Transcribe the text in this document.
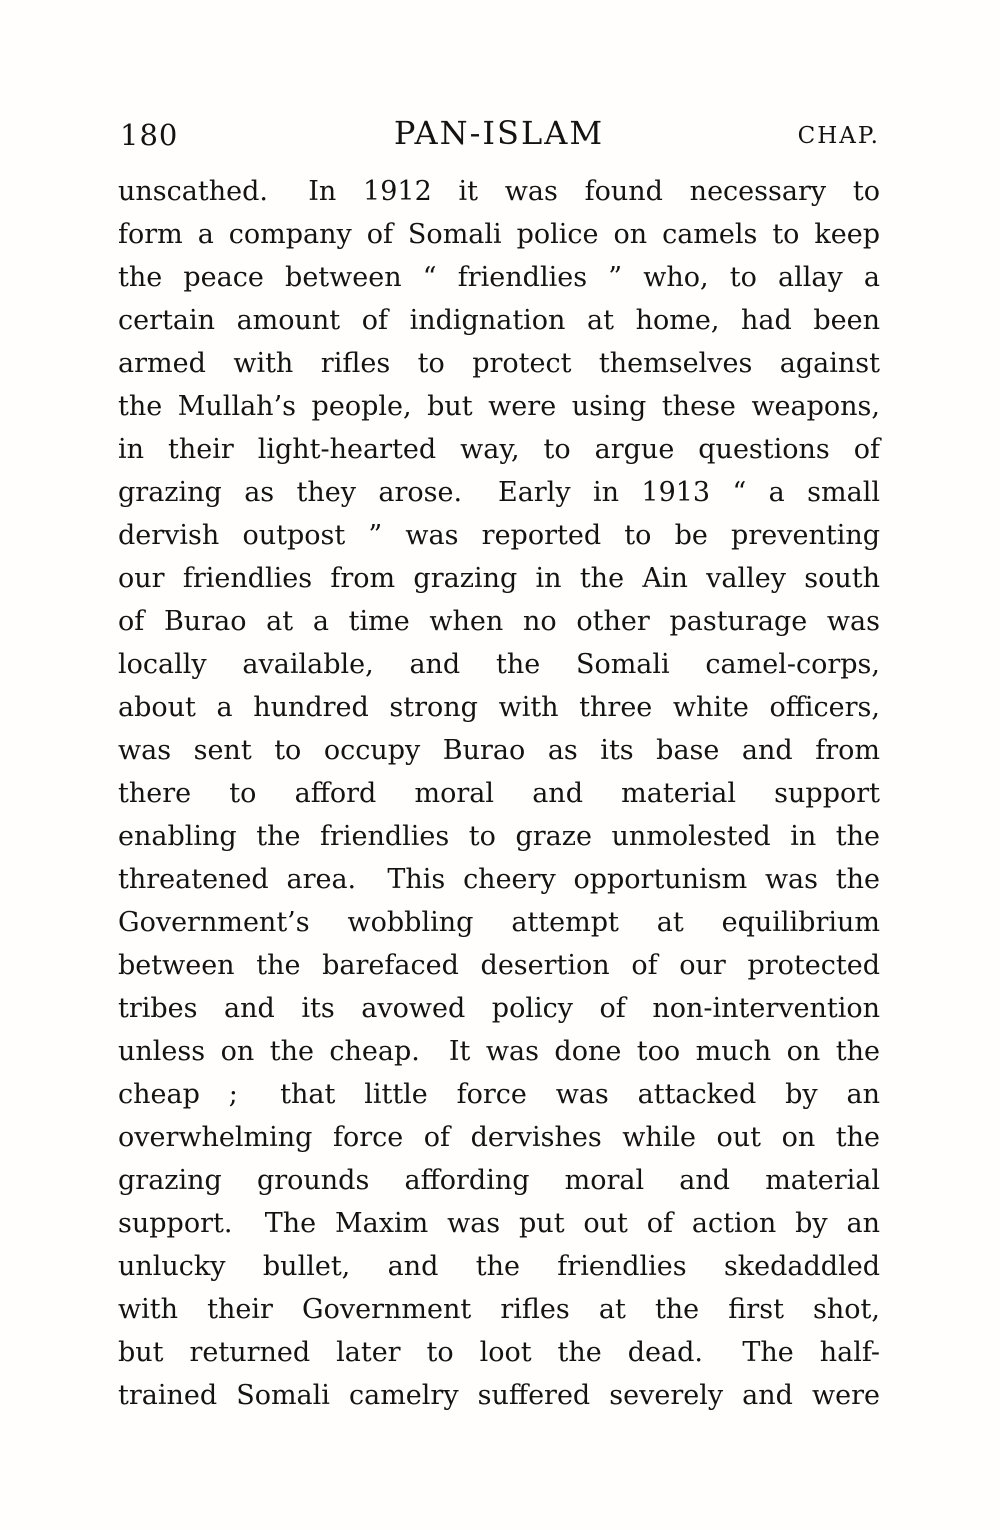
180	PAN-ISLAM	CHAP.
unscathed.  In 1912 it was found necessary to
form a company of Somali police on camels to keep
the peace between “ friendlies ” who, to allay a
certain amount of indignation at home, had been
armed with rifles to protect themselves against
the Mullah’s people, but were using these weapons,
in their light-hearted way, to argue questions of
grazing as they arose.  Early in 1913 “ a small
dervish outpost ” was reported to be preventing
our friendlies from grazing in the Ain valley south
of Burao at a time when no other pasturage was
locally available, and the Somali camel-corps,
about a hundred strong with three white officers,
was sent to occupy Burao as its base and from
there to afford moral and material support
enabling the friendlies to graze unmolested in the
threatened area.  This cheery opportunism was the
Government’s wobbling attempt at equilibrium
between the barefaced desertion of our protected
tribes and its avowed policy of non-intervention
unless on the cheap.  It was done too much on the
cheap ;  that little force was attacked by an
overwhelming force of dervishes while out on the
grazing grounds affording moral and material
support.  The Maxim was put out of action by an
unlucky bullet, and the friendlies skedaddled
with their Government rifles at the first shot,
but returned later to loot the dead.  The half-
trained Somali camelry suffered severely and were
